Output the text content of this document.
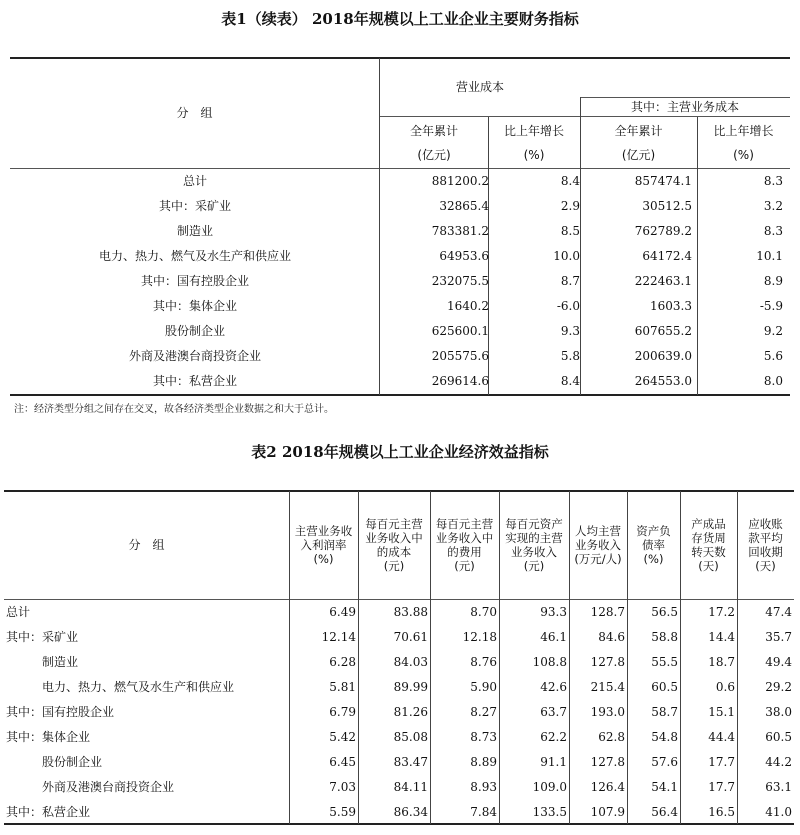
表1（续表） 2018年规模以上工业企业主要财务指标
分　组
营业成本
其中：主营业务成本
全年累计
(亿元)
比上年增长
(%)
全年累计
(亿元)
比上年增长
(%)
总计	881200.2	8.4	857474.1	8.3
其中：采矿业	32865.4	2.9	30512.5	3.2
制造业	783381.2	8.5	762789.2	8.3
电力、热力、燃气及水生产和供应业	64953.6	10.0	64172.4	10.1
其中：国有控股企业	232075.5	8.7	222463.1	8.9
其中：集体企业	1640.2	-6.0	1603.3	-5.9
股份制企业	625600.1	9.3	607655.2	9.2
外商及港澳台商投资企业	205575.6	5.8	200639.0	5.6
其中：私营企业	269614.6	8.4	264553.0	8.0
注：经济类型分组之间存在交叉，故各经济类型企业数据之和大于总计。
表2 2018年规模以上工业企业经济效益指标
分　组
主营业务收
入利润率
(%)
每百元主营
业务收入中
的成本
(元)
每百元主营
业务收入中
的费用
(元)
每百元资产
实现的主营
业务收入
(元)
人均主营
业务收入
(万元/人)
资产负
债率
(%)
产成品
存货周
转天数
(天)
应收账
款平均
回收期
(天)
总计	6.49	83.88	8.70	93.3	128.7	56.5	17.2	47.4
其中：采矿业	12.14	70.61	12.18	46.1	84.6	58.8	14.4	35.7
制造业	6.28	84.03	8.76	108.8	127.8	55.5	18.7	49.4
电力、热力、燃气及水生产和供应业	5.81	89.99	5.90	42.6	215.4	60.5	0.6	29.2
其中：国有控股企业	6.79	81.26	8.27	63.7	193.0	58.7	15.1	38.0
其中：集体企业	5.42	85.08	8.73	62.2	62.8	54.8	44.4	60.5
股份制企业	6.45	83.47	8.89	91.1	127.8	57.6	17.7	44.2
外商及港澳台商投资企业	7.03	84.11	8.93	109.0	126.4	54.1	17.7	63.1
其中：私营企业	5.59	86.34	7.84	133.5	107.9	56.4	16.5	41.0
